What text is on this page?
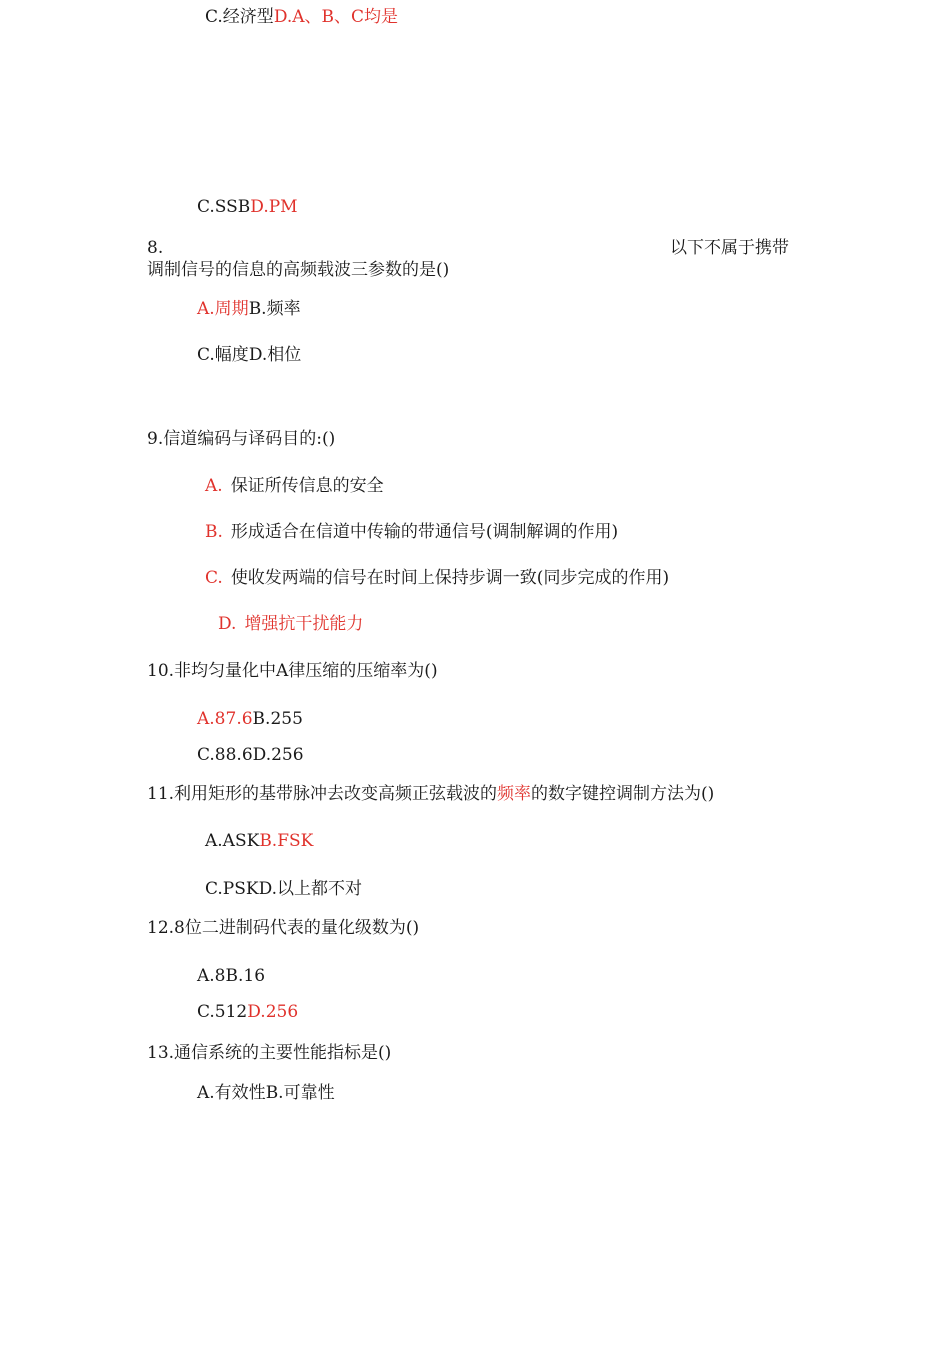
C.经济型D.A、B、C均是
C.SSBD.PM
8.	以下不属于携带
调制信号的信息的高频载波三参数的是()
A.周期B.频率
C.幅度D.相位
9.信道编码与译码目的:()
A. 保证所传信息的安全
B. 形成适合在信道中传输的带通信号(调制解调的作用)
C. 使收发两端的信号在时间上保持步调一致(同步完成的作用)
D. 增强抗干扰能力
10.非均匀量化中A律压缩的压缩率为()
A.87.6B.255
C.88.6D.256
11.利用矩形的基带脉冲去改变高频正弦载波的频率的数字键控调制方法为()
A.ASKB.FSK
C.PSKD.以上都不对
12.8位二进制码代表的量化级数为()
A.8B.16
C.512D.256
13.通信系统的主要性能指标是()
A.有效性B.可靠性
